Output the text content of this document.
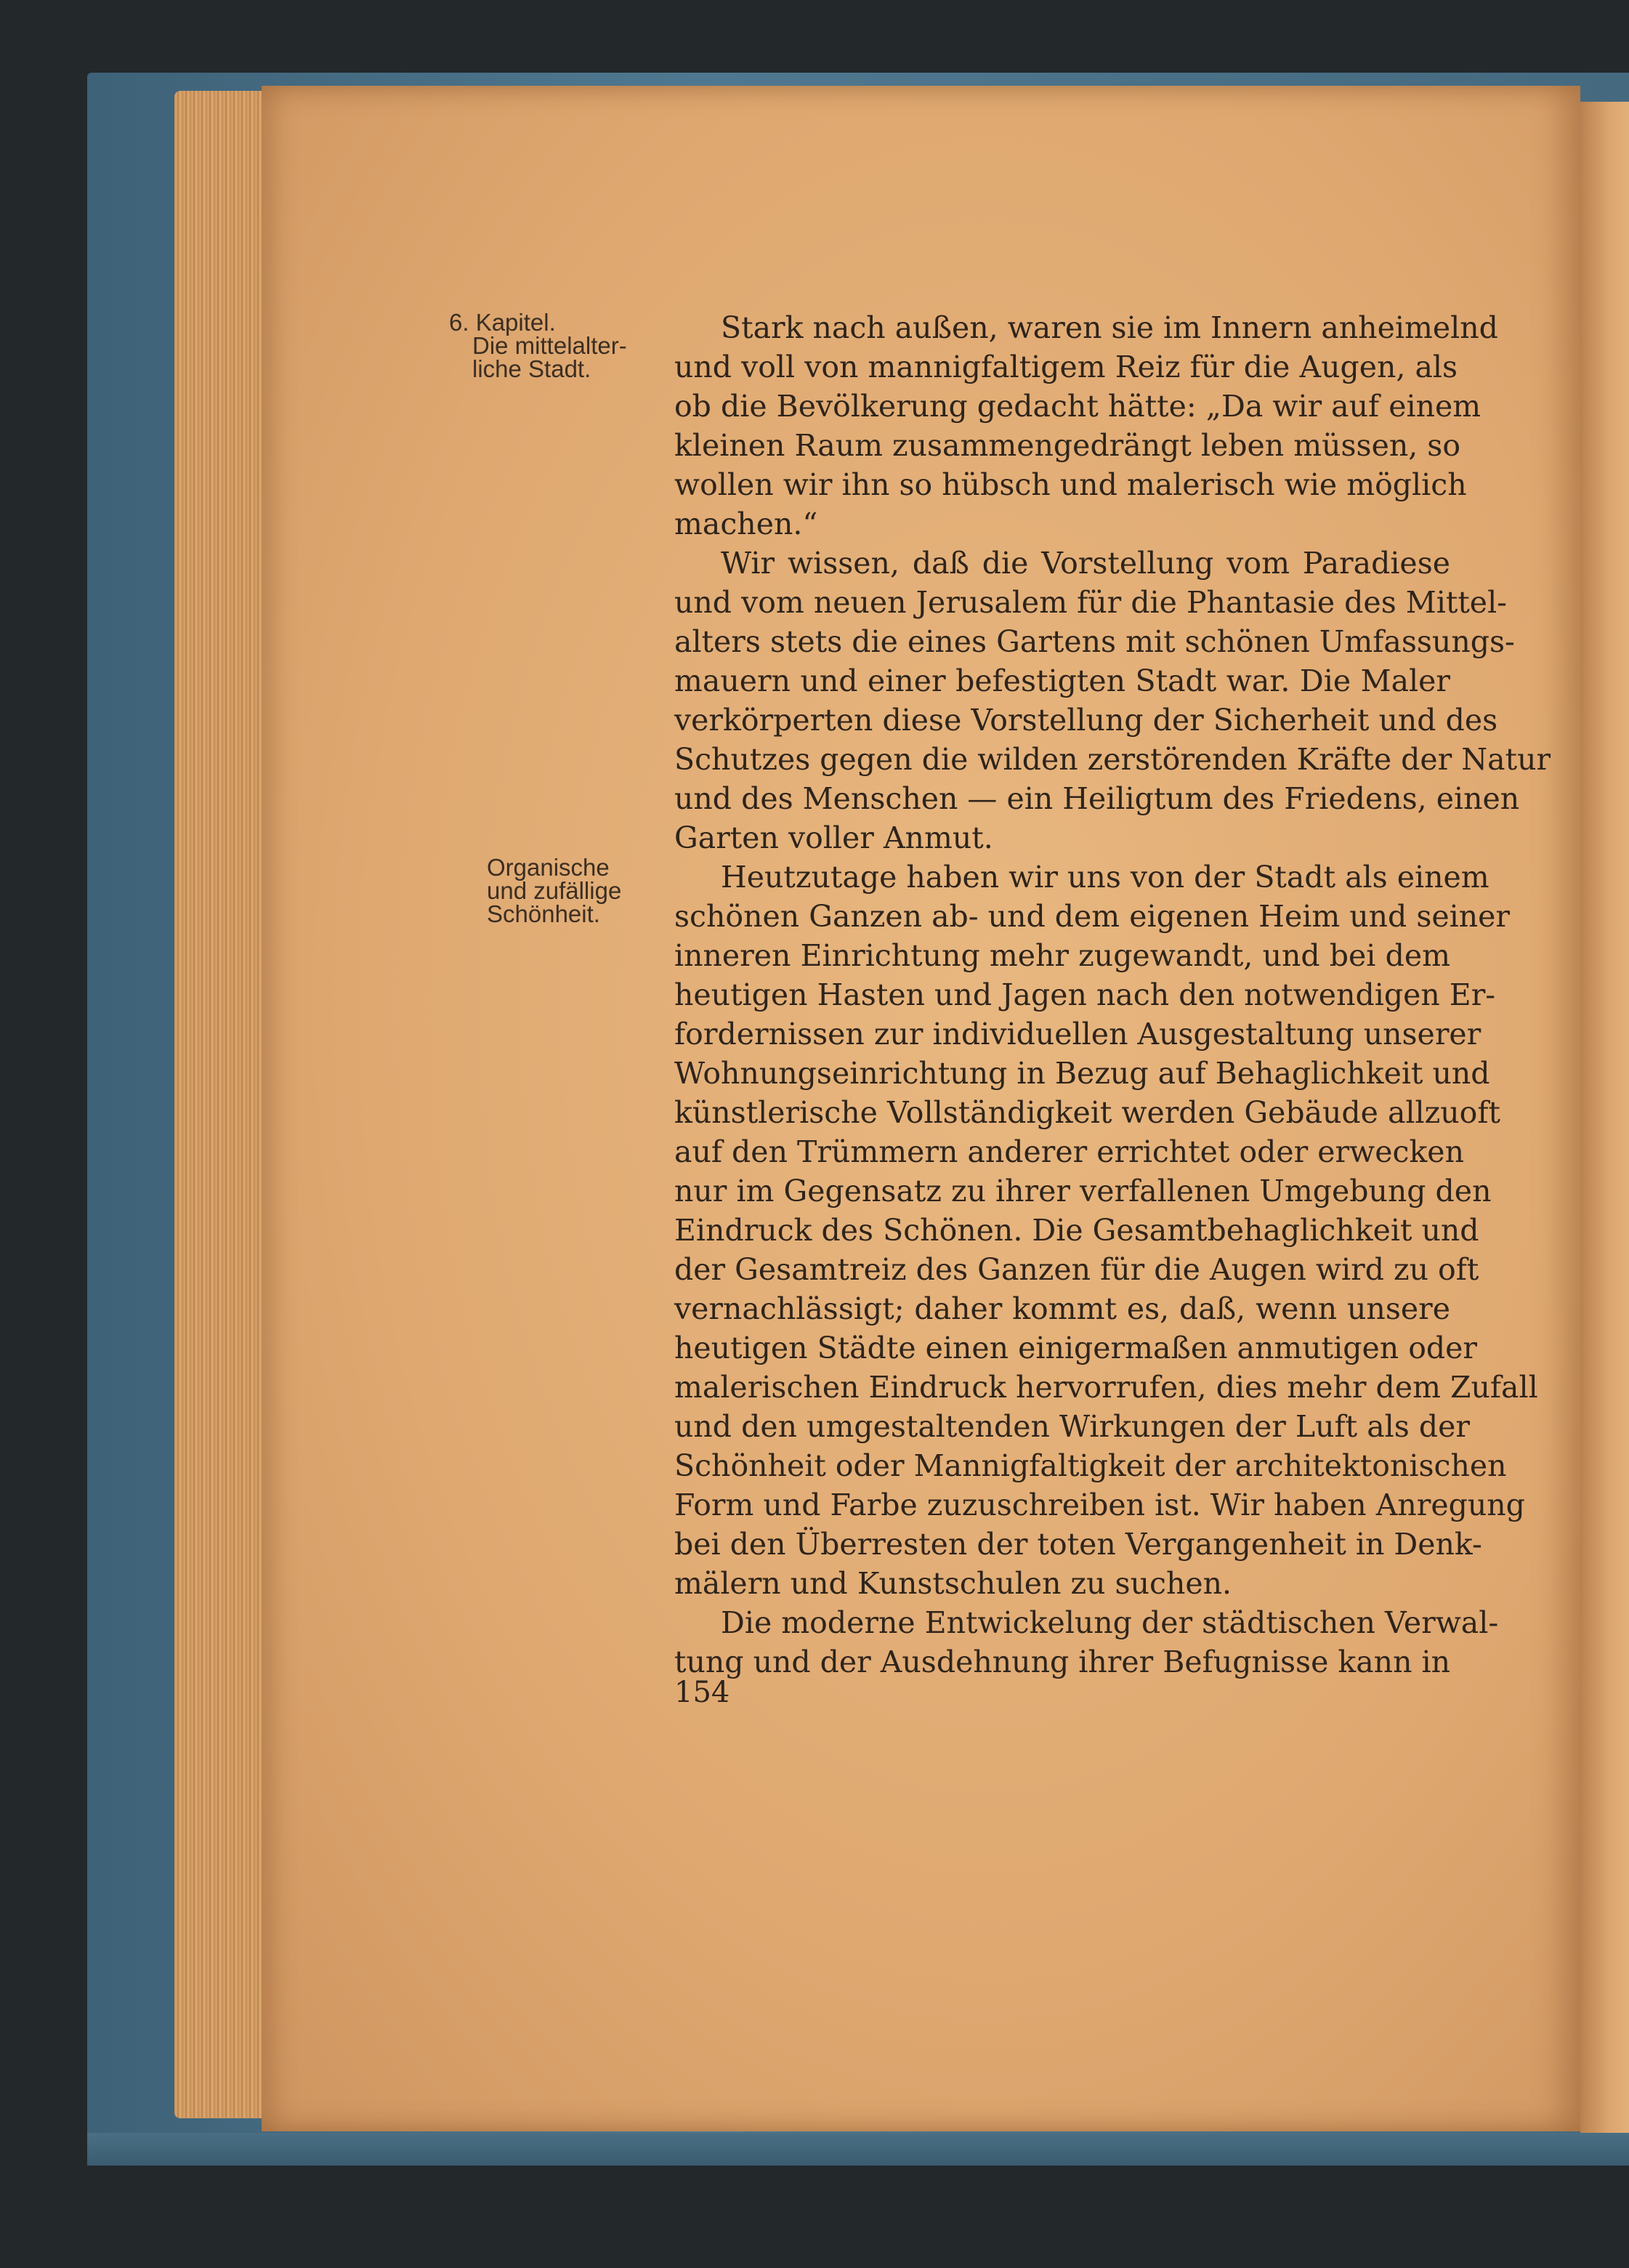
6. Kapitel.
Die mittelalter-
liche Stadt.
Organische
und zufällige
Schönheit.
Stark nach außen, waren sie im Innern anheimelnd
und voll von mannigfaltigem Reiz für die Augen, als
ob die Bevölkerung gedacht hätte: „Da wir auf einem
kleinen Raum zusammengedrängt leben müssen, so
wollen wir ihn so hübsch und malerisch wie möglich
machen.“
Wir wissen, daß die Vorstellung vom Paradiese
und vom neuen Jerusalem für die Phantasie des Mittel-
alters stets die eines Gartens mit schönen Umfassungs-
mauern und einer befestigten Stadt war. Die Maler
verkörperten diese Vorstellung der Sicherheit und des
Schutzes gegen die wilden zerstörenden Kräfte der Natur
und des Menschen — ein Heiligtum des Friedens, einen
Garten voller Anmut.
Heutzutage haben wir uns von der Stadt als einem
schönen Ganzen ab- und dem eigenen Heim und seiner
inneren Einrichtung mehr zugewandt, und bei dem
heutigen Hasten und Jagen nach den notwendigen Er-
fordernissen zur individuellen Ausgestaltung unserer
Wohnungseinrichtung in Bezug auf Behaglichkeit und
künstlerische Vollständigkeit werden Gebäude allzuoft
auf den Trümmern anderer errichtet oder erwecken
nur im Gegensatz zu ihrer verfallenen Umgebung den
Eindruck des Schönen. Die Gesamtbehaglichkeit und
der Gesamtreiz des Ganzen für die Augen wird zu oft
vernachlässigt; daher kommt es, daß, wenn unsere
heutigen Städte einen einigermaßen anmutigen oder
malerischen Eindruck hervorrufen, dies mehr dem Zufall
und den umgestaltenden Wirkungen der Luft als der
Schönheit oder Mannigfaltigkeit der architektonischen
Form und Farbe zuzuschreiben ist. Wir haben Anregung
bei den Überresten der toten Vergangenheit in Denk-
mälern und Kunstschulen zu suchen.
Die moderne Entwickelung der städtischen Verwal-
tung und der Ausdehnung ihrer Befugnisse kann in
154
